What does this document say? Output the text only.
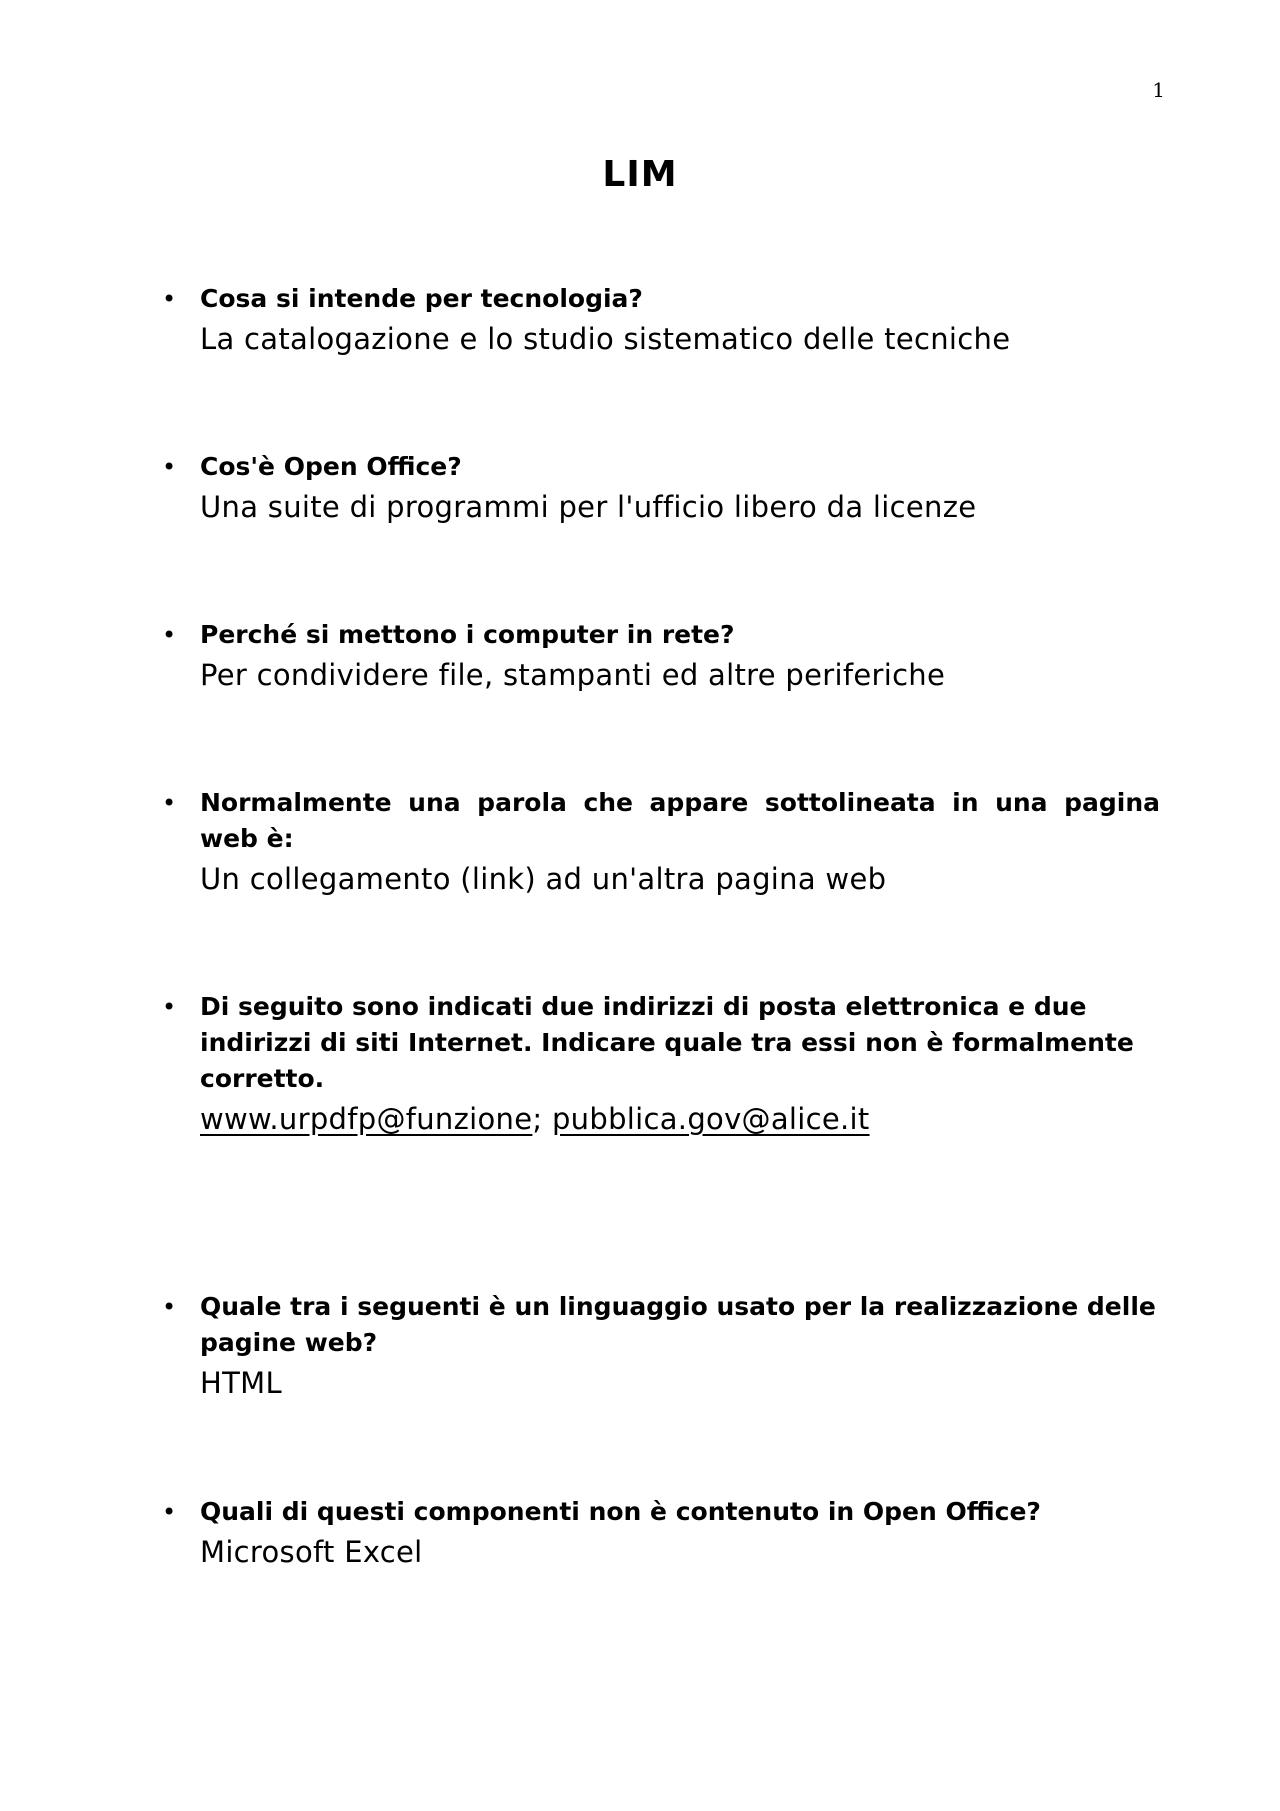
1
LIM
• Cosa si intende per tecnologia?

La catalogazione e lo studio sistematico delle tecniche

• Cos'è Open Office?

Una suite di programmi per l'ufficio libero da licenze

• Perché si mettono i computer in rete?

Per condividere file, stampanti ed altre periferiche

• Normalmente una parola che appare sottolineata in una pagina web è:

Un collegamento (link) ad un'altra pagina web

• Di seguito sono indicati due indirizzi di posta elettronica e due indirizzi di siti Internet. Indicare quale tra essi non è formalmente corretto.

www.urpdfp@funzione; pubblica.gov@alice.it

• Quale tra i seguenti è un linguaggio usato per la realizzazione delle pagine web?

HTML

• Quali di questi componenti non è contenuto in Open Office?

Microsoft Excel
